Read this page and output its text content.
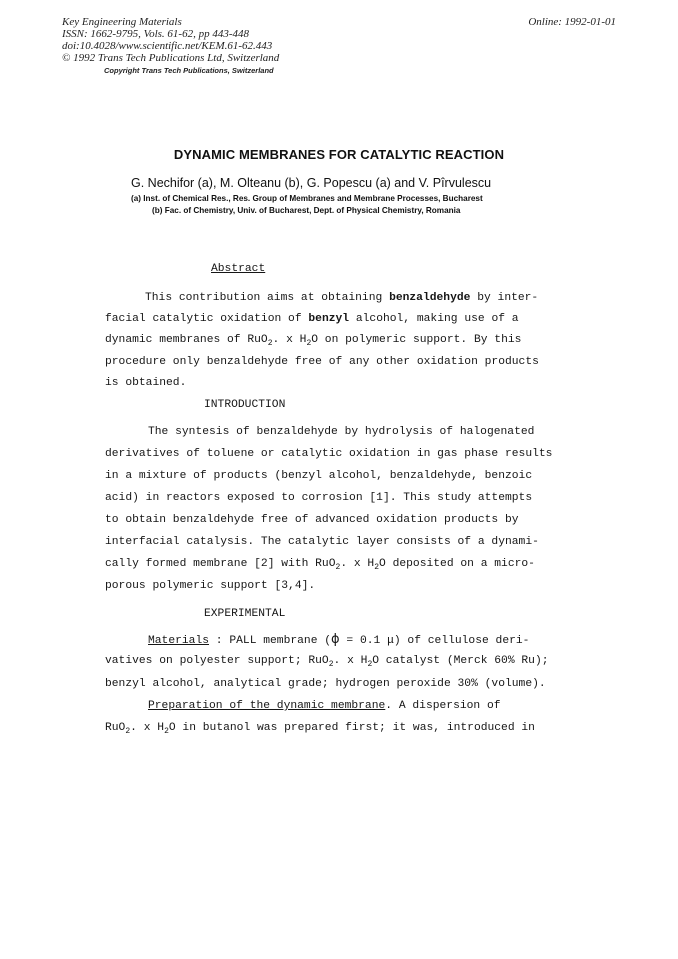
Key Engineering Materials
ISSN: 1662-9795, Vols. 61-62, pp 443-448
doi:10.4028/www.scientific.net/KEM.61-62.443
© 1992 Trans Tech Publications Ltd, Switzerland
Copyright Trans Tech Publications, Switzerland
Online: 1992-01-01
DYNAMIC MEMBRANES FOR CATALYTIC REACTION
G. Nechifor (a), M. Olteanu (b), G. Popescu (a) and V. Pîrvulescu
(a) Inst. of Chemical Res., Res. Group of Membranes and Membrane Processes, Bucharest
(b) Fac. of Chemistry, Univ. of Bucharest, Dept. of Physical Chemistry, Romania
Abstract
This contribution aims at obtaining benzaldehyde by inter-
facial catalytic oxidation of benzyl alcohol, making use of a
dynamic membranes of RuO$_2$. x $H_2O$ on polymeric support. By this
procedure only benzaldehyde free of any other oxidation products
is obtained.
INTRODUCTION
The syntesis of benzaldehyde by hydrolysis of halogenated
derivatives of toluene or catalytic oxidation in gas phase results
in a mixture of products (benzyl alcohol, benzaldehyde, benzoic
acid) in reactors exposed to corrosion [1]. This study attempts
to obtain benzaldehyde free of advanced oxidation products by
interfacial catalysis. The catalytic layer consists of a dynami-
cally formed membrane [2] with RuO$_2$. x $H_2O$ deposited on a micro-
porous polymeric support [3,4].
EXPERIMENTAL
Materials : PALL membrane (ϕ = 0.1 μ) of cellulose deri-
vatives on polyester support; RuO$_2$. x $H_2O$ catalyst (Merck 60% Ru);
benzyl alcohol, analytical grade; hydrogen peroxide 30% (volume).
Preparation of the dynamic membrane. A dispersion of
RuO$_2$. x $H_2O$ in butanol was prepared first; it was, introduced in
